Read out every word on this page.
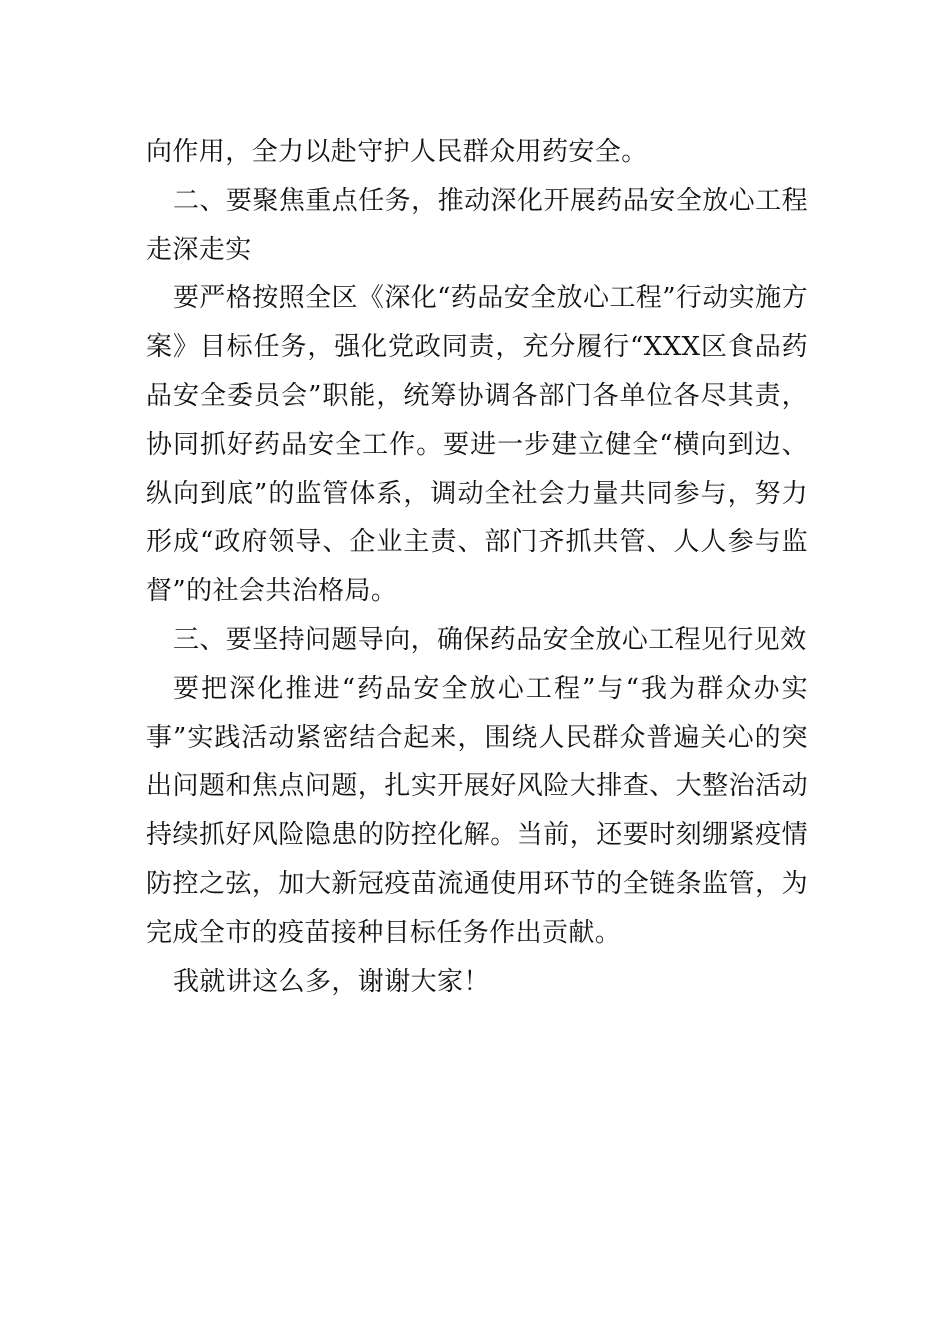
向作用，全力以赴守护人民群众用药安全。

二、要聚焦重点任务，推动深化开展药品安全放心工程走深走实

要严格按照全区《深化“药品安全放心工程”行动实施方案》目标任务，强化党政同责，充分履行“XXX区食品药品安全委员会”职能，统筹协调各部门各单位各尽其责，协同抓好药品安全工作。要进一步建立健全“横向到边、纵向到底”的监管体系，调动全社会力量共同参与，努力形成“政府领导、企业主责、部门齐抓共管、人人参与监督”的社会共治格局。

三、要坚持问题导向，确保药品安全放心工程见行见效

要把深化推进“药品安全放心工程”与“我为群众办实事”实践活动紧密结合起来，围绕人民群众普遍关心的突出问题和焦点问题，扎实开展好风险大排查、大整治活动持续抓好风险隐患的防控化解。当前，还要时刻绷紧疫情防控之弦，加大新冠疫苗流通使用环节的全链条监管，为完成全市的疫苗接种目标任务作出贡献。

我就讲这么多，谢谢大家！
